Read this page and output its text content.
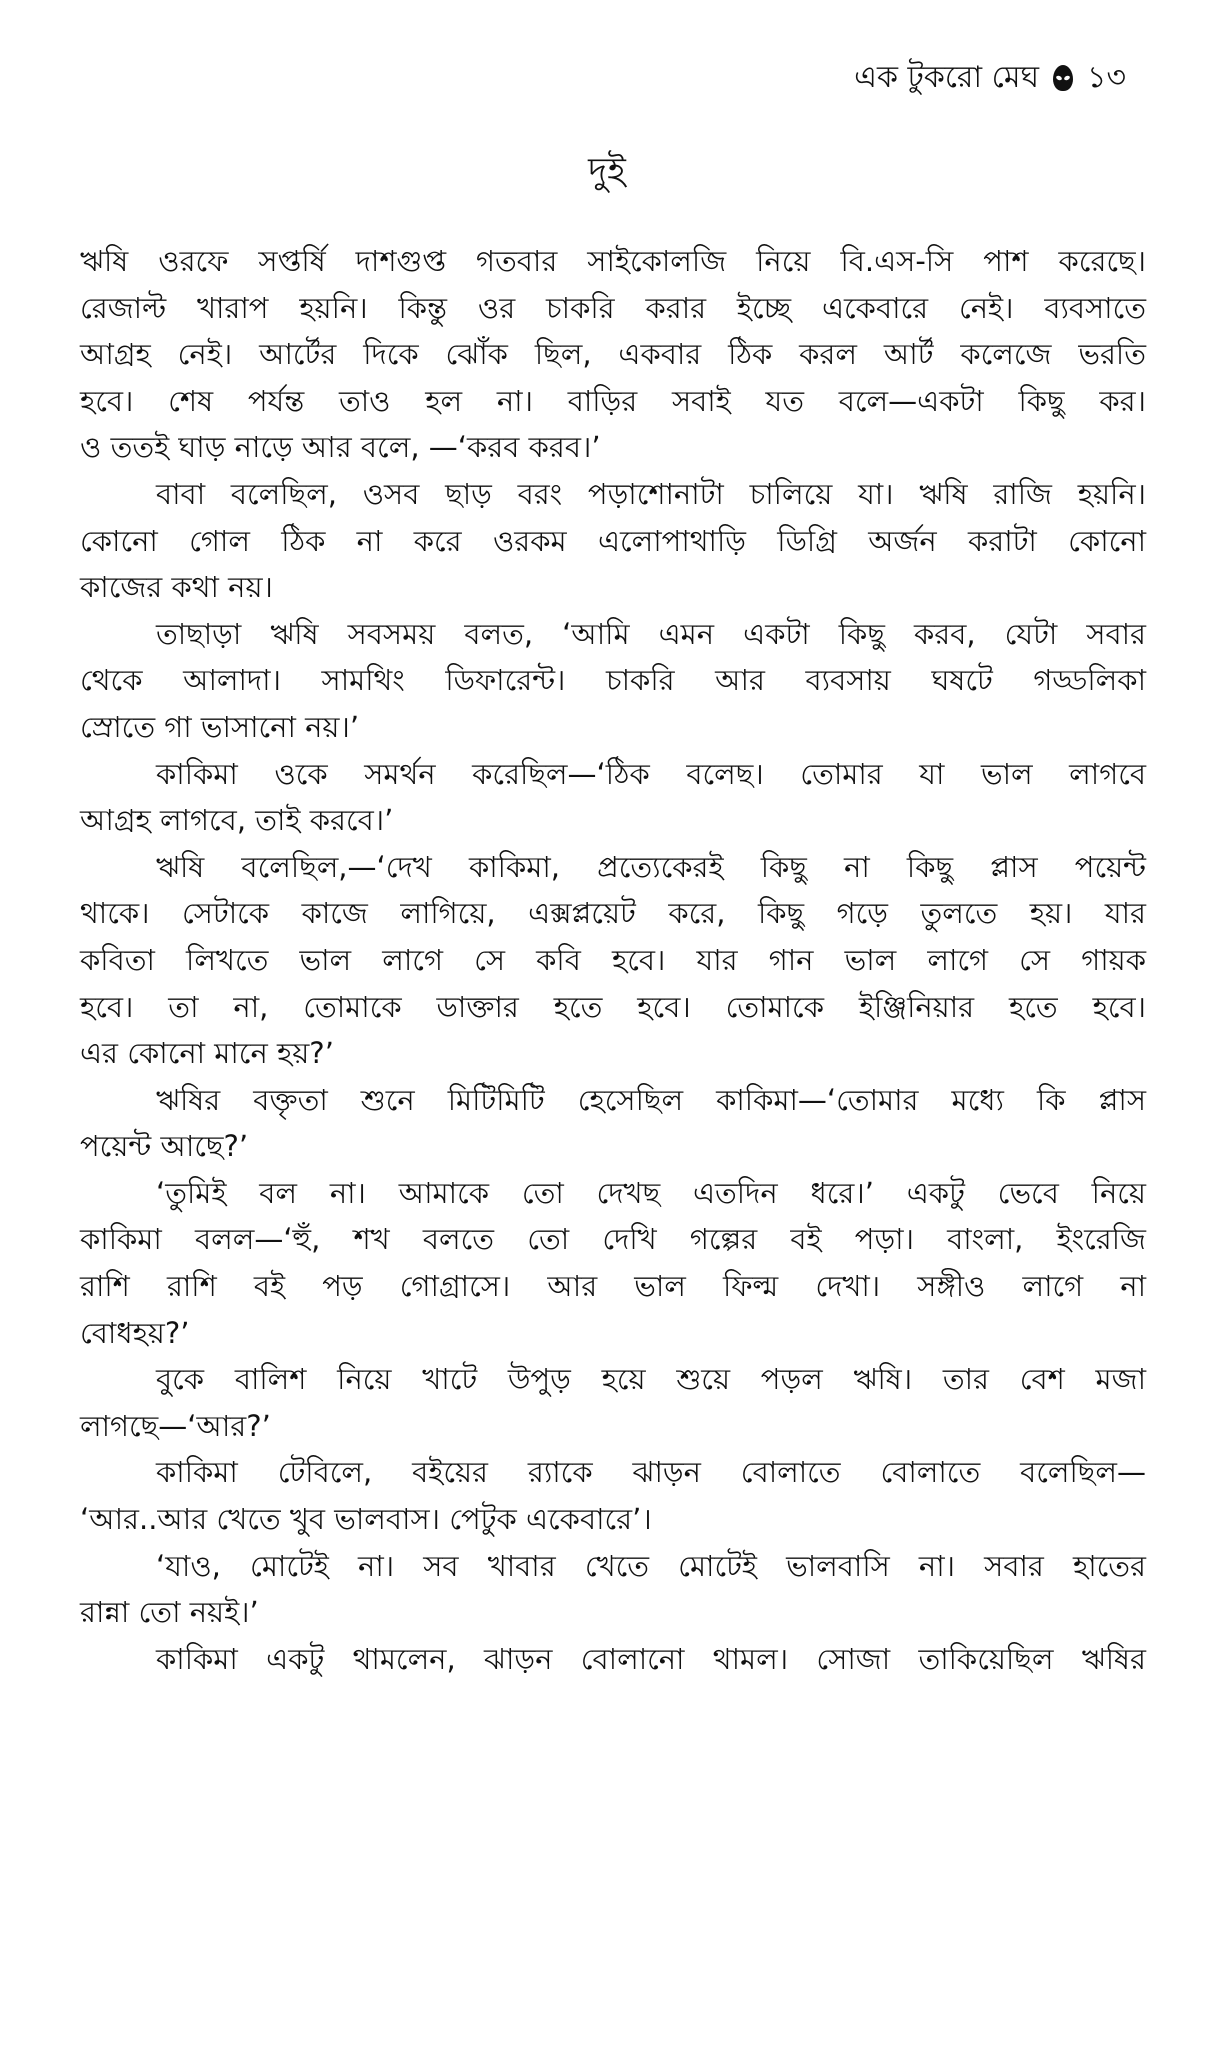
এক টুকরো মেঘ ১৩
দুই
ঋষি ওরফে সপ্তর্ষি দাশগুপ্ত গতবার সাইকোলজি নিয়ে বি.এস-সি পাশ করেছে।
রেজাল্ট খারাপ হয়নি। কিন্তু ওর চাকরি করার ইচ্ছে একেবারে নেই। ব্যবসাতে
আগ্রহ নেই। আর্টের দিকে ঝোঁক ছিল, একবার ঠিক করল আর্ট কলেজে ভরতি
হবে। শেষ পর্যন্ত তাও হল না। বাড়ির সবাই যত বলে—একটা কিছু কর।
ও ততই ঘাড় নাড়ে আর বলে, —‘করব করব।’
বাবা বলেছিল, ওসব ছাড় বরং পড়াশোনাটা চালিয়ে যা। ঋষি রাজি হয়নি।
কোনো গোল ঠিক না করে ওরকম এলোপাথাড়ি ডিগ্রি অর্জন করাটা কোনো
কাজের কথা নয়।
তাছাড়া ঋষি সবসময় বলত, ‘আমি এমন একটা কিছু করব, যেটা সবার
থেকে আলাদা। সামথিং ডিফারেন্ট। চাকরি আর ব্যবসায় ঘষটে গড্ডলিকা
স্রোতে গা ভাসানো নয়।’
কাকিমা ওকে সমর্থন করেছিল—‘ঠিক বলেছ। তোমার যা ভাল লাগবে
আগ্রহ লাগবে, তাই করবে।’
ঋষি বলেছিল,—‘দেখ কাকিমা, প্রত্যেকেরই কিছু না কিছু প্লাস পয়েন্ট
থাকে। সেটাকে কাজে লাগিয়ে, এক্সপ্লয়েট করে, কিছু গড়ে তুলতে হয়। যার
কবিতা লিখতে ভাল লাগে সে কবি হবে। যার গান ভাল লাগে সে গায়ক
হবে। তা না, তোমাকে ডাক্তার হতে হবে। তোমাকে ইঞ্জিনিয়ার হতে হবে।
এর কোনো মানে হয়?’
ঋষির বক্তৃতা শুনে মিটিমিটি হেসেছিল কাকিমা—‘তোমার মধ্যে কি প্লাস
পয়েন্ট আছে?’
‘তুমিই বল না। আমাকে তো দেখছ এতদিন ধরে।’ একটু ভেবে নিয়ে
কাকিমা বলল—‘হুঁ, শখ বলতে তো দেখি গল্পের বই পড়া। বাংলা, ইংরেজি
রাশি রাশি বই পড় গোগ্রাসে। আর ভাল ফিল্ম দেখা। সঙ্গীও লাগে না
বোধহয়?’
বুকে বালিশ নিয়ে খাটে উপুড় হয়ে শুয়ে পড়ল ঋষি। তার বেশ মজা
লাগছে—‘আর?’
কাকিমা টেবিলে, বইয়ের র‍্যাকে ঝাড়ন বোলাতে বোলাতে বলেছিল—
‘আর..আর খেতে খুব ভালবাস। পেটুক একেবারে’।
‘যাও, মোটেই না। সব খাবার খেতে মোটেই ভালবাসি না। সবার হাতের
রান্না তো নয়ই।’
কাকিমা একটু থামলেন, ঝাড়ন বোলানো থামল। সোজা তাকিয়েছিল ঋষির
